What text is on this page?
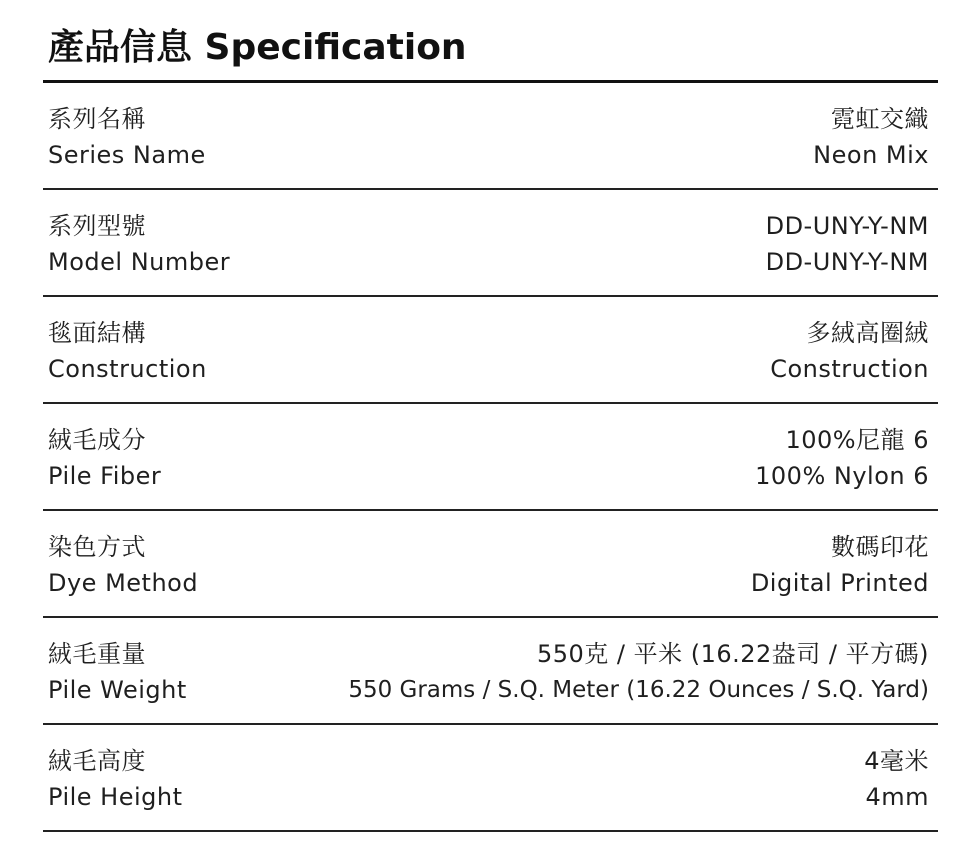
產品信息 Specification
系列名稱
Series Name
霓虹交織
Neon Mix
系列型號
Model Number
DD-UNY-Y-NM
DD-UNY-Y-NM
毯面結構
Construction
多絨高圈絨
Construction
絨毛成分
Pile Fiber
100%尼龍 6
100% Nylon 6
染色方式
Dye Method
數碼印花
Digital Printed
絨毛重量
Pile Weight
550克 / 平米 (16.22盎司 / 平方碼)
550 Grams / S.Q. Meter (16.22 Ounces / S.Q. Yard)
絨毛高度
Pile Height
4毫米
4mm
